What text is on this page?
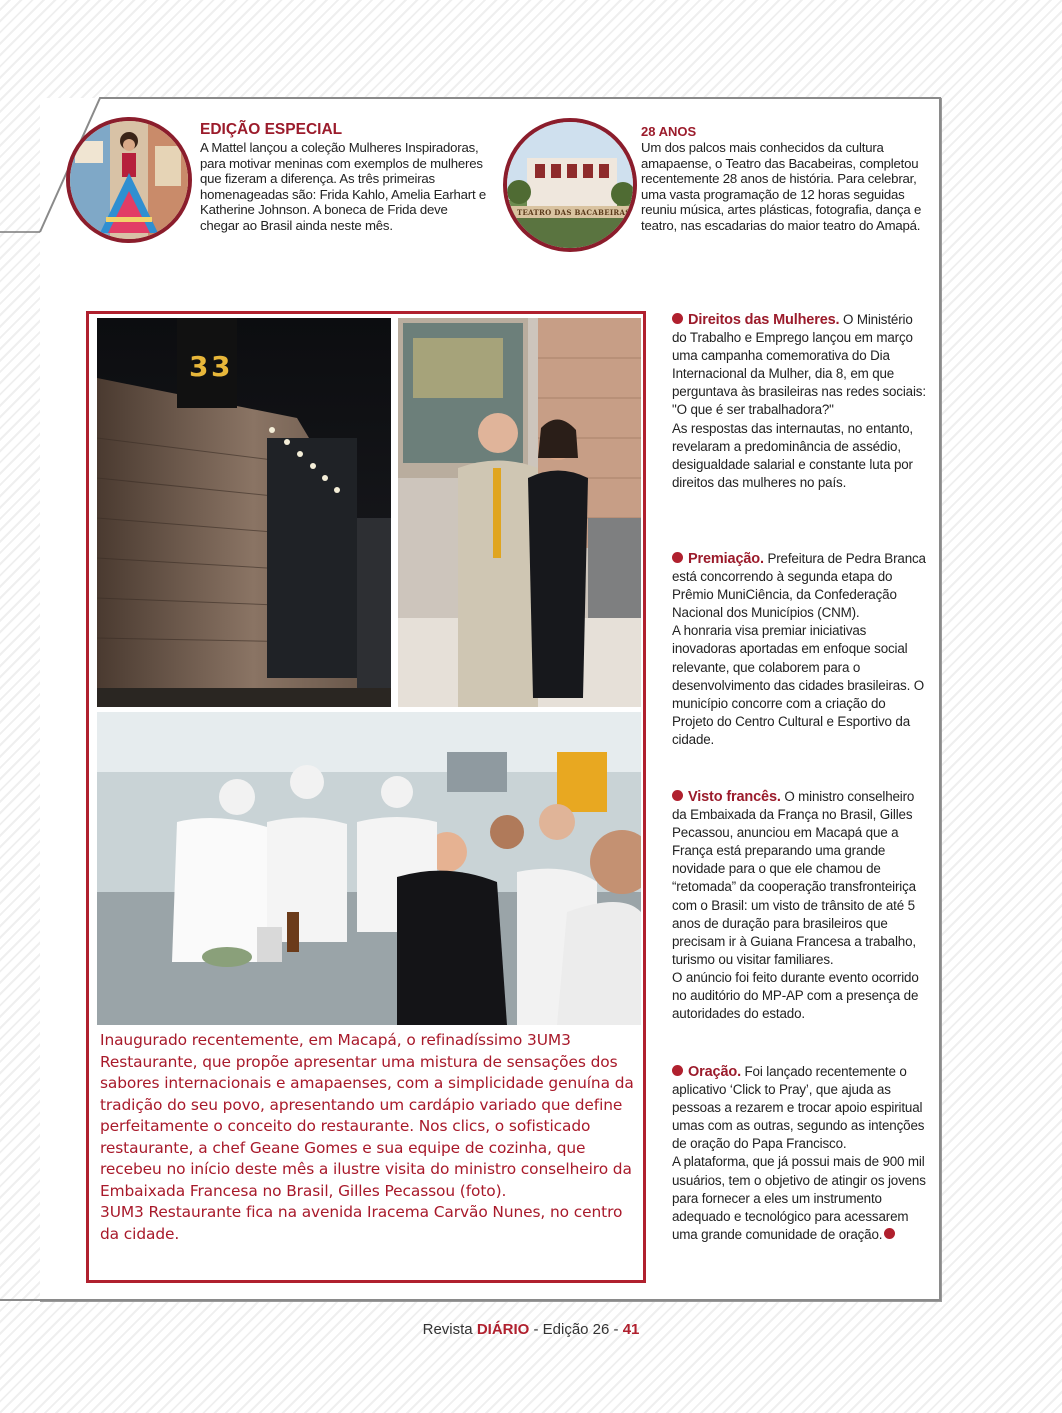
EDIÇÃO ESPECIAL

A Mattel lançou a coleção Mulheres Inspiradoras, para motivar meninas com exemplos de mulheres que fizeram a diferença. As três primeiras homenageadas são: Frida Kahlo, Amelia Earhart e Katherine Johnson. A boneca de Frida deve chegar ao Brasil ainda neste mês.

TEATRO DAS BACABEIRAS

28 ANOS

Um dos palcos mais conhecidos da cultura amapaense, o Teatro das Bacabeiras, completou recentemente 28 anos de história. Para celebrar, uma vasta programação de 12 horas seguidas reuniu música, artes plásticas, fotografia, dança e teatro, nas escadarias do maior teatro do Amapá.

3 3

Inaugurado recentemente, em Macapá, o refinadíssimo 3UM3 Restaurante, que propõe apresentar uma mistura de sensações dos sabores internacionais e amapaenses, com a simplicidade genuína da tradição do seu povo, apresentando um cardápio variado que define perfeitamente o conceito do restaurante. Nos clics, o sofisticado restaurante, a chef Geane Gomes e sua equipe de cozinha, que recebeu no início deste mês a ilustre visita do ministro conselheiro da Embaixada Francesa no Brasil, Gilles Pecassou (foto).
3UM3 Restaurante fica na avenida Iracema Carvão Nunes, no centro da cidade.

Direitos das Mulheres. O Ministério do Trabalho e Emprego lançou em março uma campanha comemorativa do Dia Internacional da Mulher, dia 8, em que perguntava às brasileiras nas redes sociais: "O que é ser trabalhadora?"
As respostas das internautas, no entanto, revelaram a predominância de assédio, desigualdade salarial e constante luta por direitos das mulheres no país.

Premiação. Prefeitura de Pedra Branca está concorrendo à segunda etapa do Prêmio MuniCiência, da Confederação Nacional dos Municípios (CNM).
A honraria visa premiar iniciativas inovadoras aportadas em enfoque social relevante, que colaborem para o desenvolvimento das cidades brasileiras. O município concorre com a criação do Projeto do Centro Cultural e Esportivo da cidade.

Visto francês. O ministro conselheiro da Embaixada da França no Brasil, Gilles Pecassou, anunciou em Macapá que a França está preparando uma grande novidade para o que ele chamou de “retomada” da cooperação transfronteiriça com o Brasil: um visto de trânsito de até 5 anos de duração para brasileiros que precisam ir à Guiana Francesa a trabalho, turismo ou visitar familiares.
O anúncio foi feito durante evento ocorrido no auditório do MP-AP com a presença de autoridades do estado.

Oração. Foi lançado recentemente o aplicativo ‘Click to Pray’, que ajuda as pessoas a rezarem e trocar apoio espiritual umas com as outras, segundo as intenções de oração do Papa Francisco.
A plataforma, que já possui mais de 900 mil usuários, tem o objetivo de atingir os jovens para fornecer a eles um instrumento adequado e tecnológico para acessarem uma grande comunidade de oração.

Revista DIÁRIO - Edição 26 - 41
